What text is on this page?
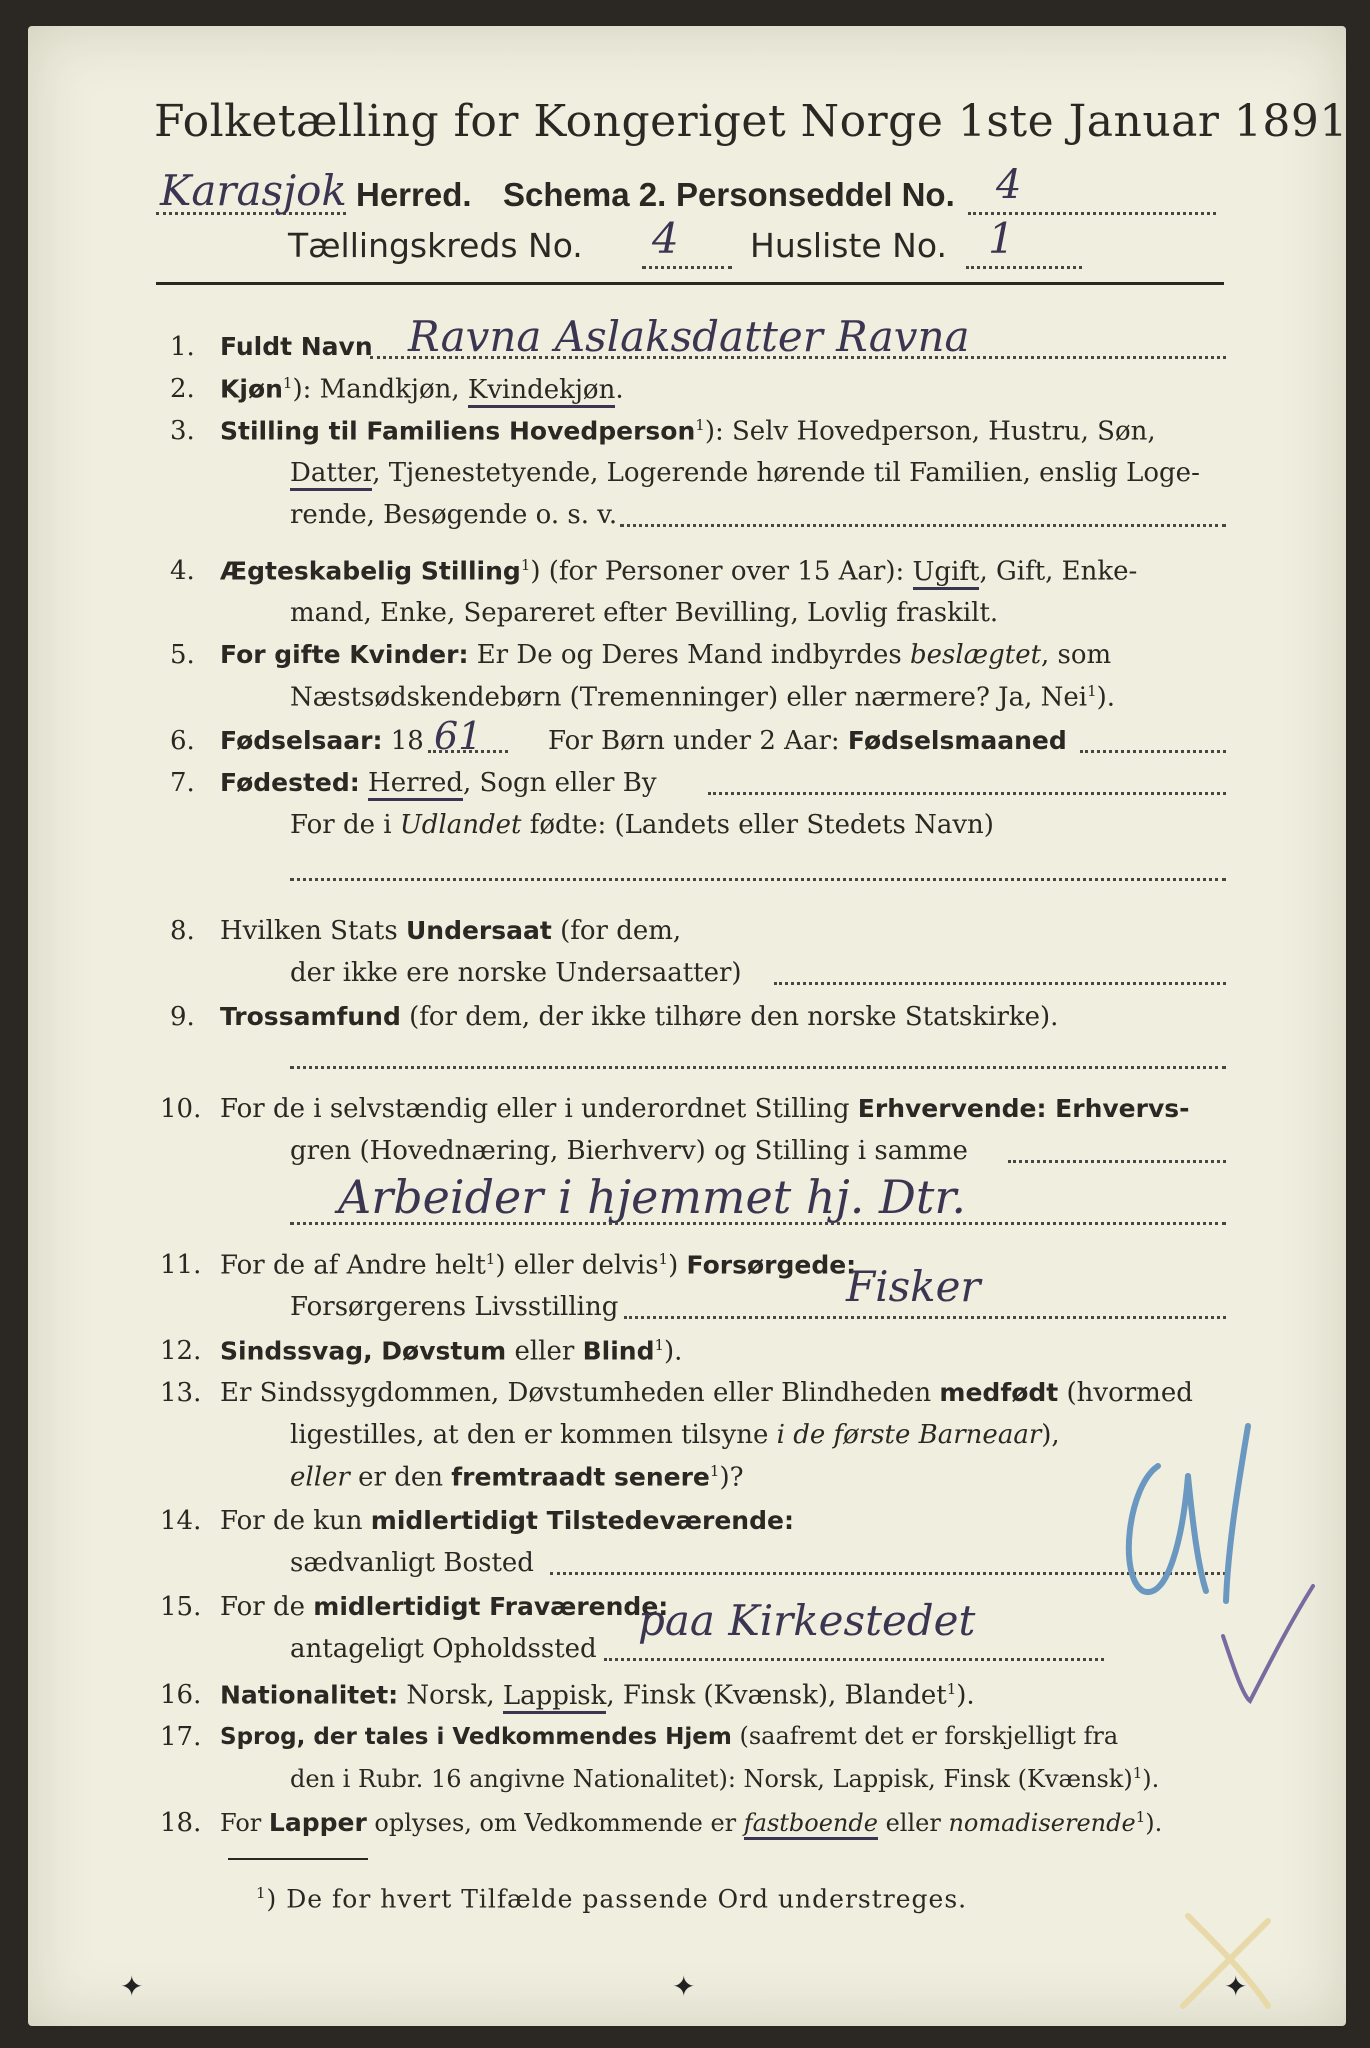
Folketælling for Kongeriget Norge 1ste Januar 1891.
Karasjok Herred. Schema 2. Personseddel No. 4
Tællingskreds No. 4 Husliste No. 1
1. Fuldt Navn Ravna Aslaksdatter Ravna
2. Kjøn$^1$): Mandkjøn, Kvindekjøn.
3. Stilling til Familiens Hovedperson$^1$): Selv Hovedperson, Hustru, Søn,
Datter, Tjenestetyende, Logerende hørende til Familien, enslig Loge-
rende, Besøgende o. s. v.
4. Ægteskabelig Stilling$^1$) (for Personer over 15 Aar): Ugift, Gift, Enke-
mand, Enke, Separeret efter Bevilling, Lovlig fraskilt.
5. For gifte Kvinder: Er De og Deres Mand indbyrdes beslægtet, som
Næstsødskendebørn (Tremenninger) eller nærmere? Ja, Nei$^1$).
6. Fødselsaar: 18 61	For Børn under 2 Aar: Fødselsmaaned
7. Fødested: Herred, Sogn eller By
For de i Udlandet fødte: (Landets eller Stedets Navn)
8. Hvilken Stats Undersaat (for dem,
der ikke ere norske Undersaatter)
9. Trossamfund (for dem, der ikke tilhøre den norske Statskirke).
10. For de i selvstændig eller i underordnet Stilling Erhvervende: Erhvervs-
gren (Hovednæring, Bierhverv) og Stilling i samme
Arbeider i hjemmet hj. Dtr.
11. For de af Andre helt$^1$) eller delvis$^1$) Forsørgede:
Forsørgerens Livsstilling	Fisker
12. Sindssvag, Døvstum eller Blind$^1$).
13. Er Sindssygdommen, Døvstumheden eller Blindheden medfødt (hvormed
ligestilles, at den er kommen tilsyne i de første Barneaar),
eller er den fremtraadt senere$^1$)?
14. For de kun midlertidigt Tilstedeværende:
sædvanligt Bosted
15. For de midlertidigt Fraværende:
antageligt Opholdssted
paa Kirkestedet
16. Nationalitet: Norsk, Lappisk, Finsk (Kvænsk), Blandet$^1$).
17. Sprog, der tales i Vedkommendes Hjem (saafremt det er forskjelligt fra
den i Rubr. 16 angivne Nationalitet): Norsk, Lappisk, Finsk (Kvænsk)$^1$).
18. For Lapper oplyses, om Vedkommende er fastboende eller nomadiserende$^1$).
$^1$) De for hvert Tilfælde passende Ord understreges.
✦	✦	✦
